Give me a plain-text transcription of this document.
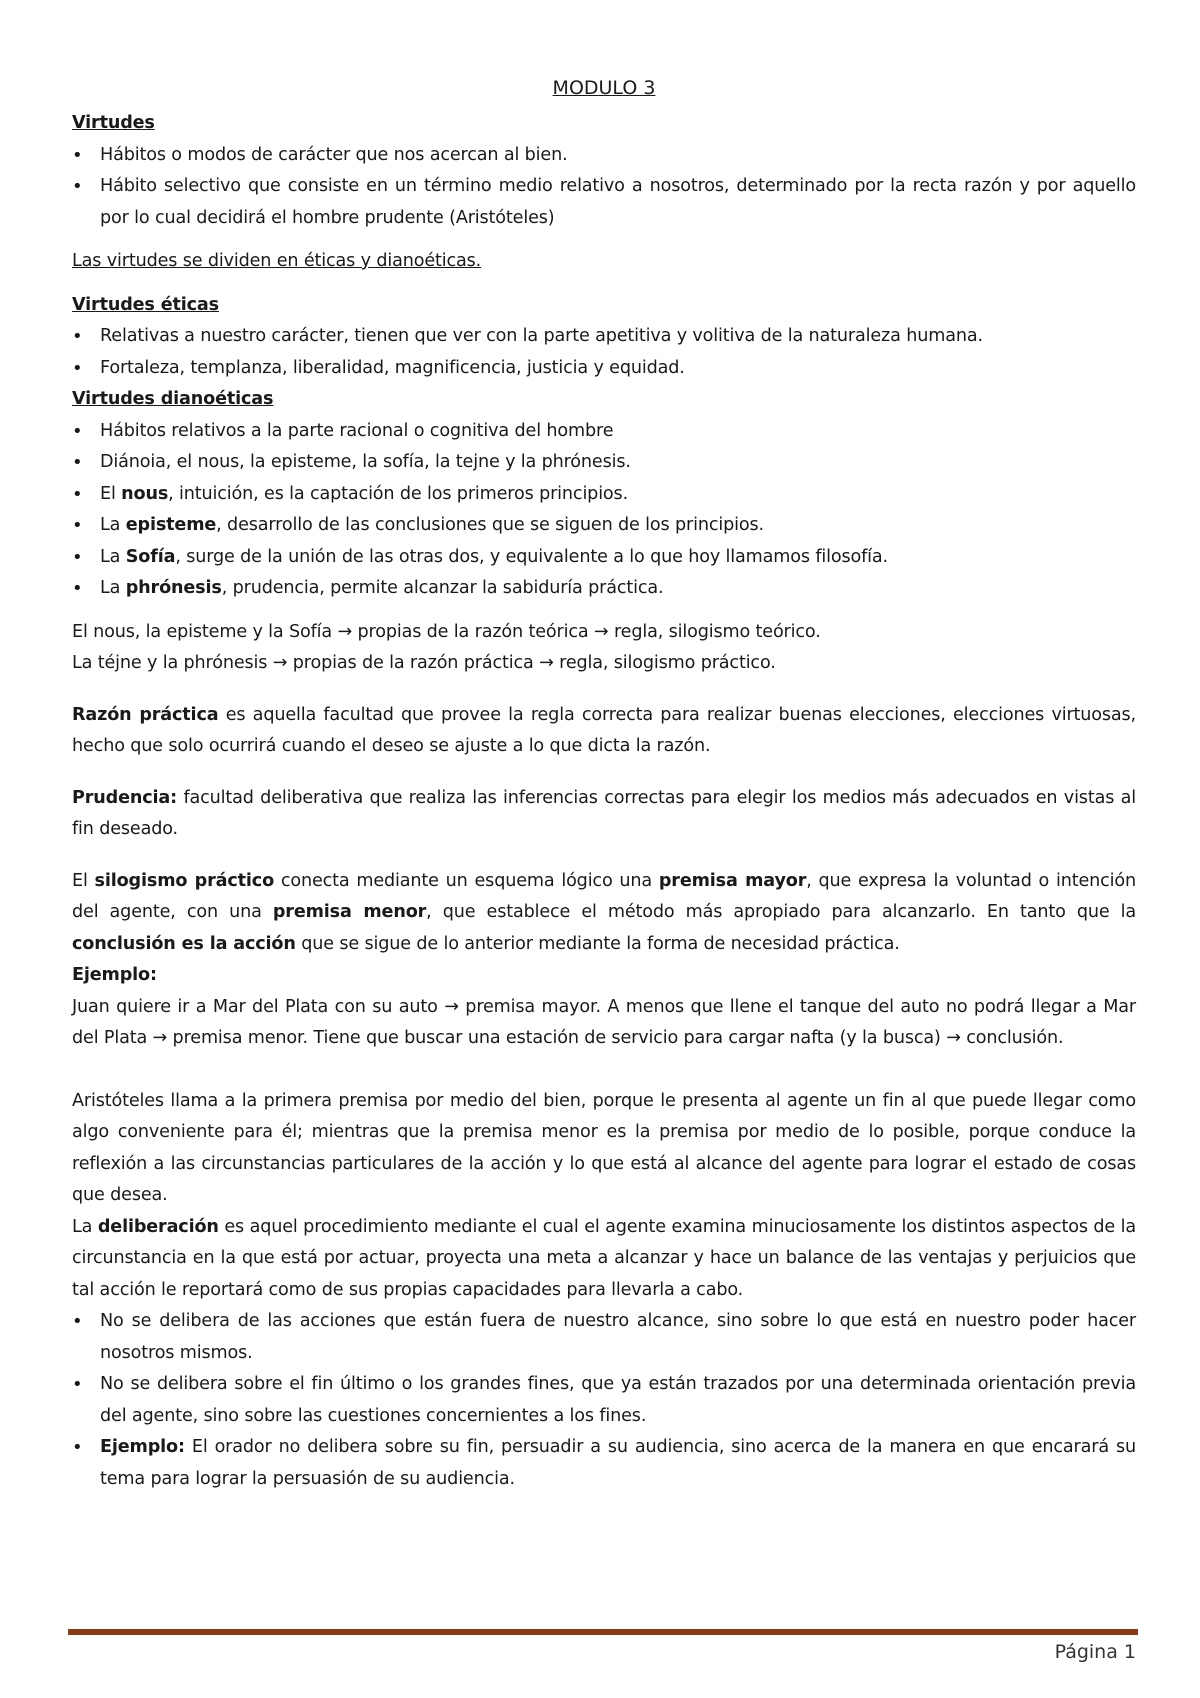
MODULO 3
Virtudes
• Hábitos o modos de carácter que nos acercan al bien.
• Hábito selectivo que consiste en un término medio relativo a nosotros, determinado por la recta razón y por aquello por lo cual decidirá el hombre prudente (Aristóteles)
Las virtudes se dividen en éticas y dianoéticas.
Virtudes éticas
• Relativas a nuestro carácter, tienen que ver con la parte apetitiva y volitiva de la naturaleza humana.
• Fortaleza, templanza, liberalidad, magnificencia, justicia y equidad.
Virtudes dianoéticas
• Hábitos relativos a la parte racional o cognitiva del hombre
• Diánoia, el nous, la episteme, la sofía, la tejne y la phrónesis.
• El nous, intuición, es la captación de los primeros principios.
• La episteme, desarrollo de las conclusiones que se siguen de los principios.
• La Sofía, surge de la unión de las otras dos, y equivalente a lo que hoy llamamos filosofía.
• La phrónesis, prudencia, permite alcanzar la sabiduría práctica.

El nous, la episteme y la Sofía → propias de la razón teórica → regla, silogismo teórico.

La téjne y la phrónesis → propias de la razón práctica → regla, silogismo práctico.

Razón práctica es aquella facultad que provee la regla correcta para realizar buenas elecciones, elecciones virtuosas, hecho que solo ocurrirá cuando el deseo se ajuste a lo que dicta la razón.

Prudencia: facultad deliberativa que realiza las inferencias correctas para elegir los medios más adecuados en vistas al fin deseado.

El silogismo práctico conecta mediante un esquema lógico una premisa mayor, que expresa la voluntad o intención del agente, con una premisa menor, que establece el método más apropiado para alcanzarlo. En tanto que la conclusión es la acción que se sigue de lo anterior mediante la forma de necesidad práctica.

Ejemplo:

Juan quiere ir a Mar del Plata con su auto → premisa mayor. A menos que llene el tanque del auto no podrá llegar a Mar del Plata → premisa menor. Tiene que buscar una estación de servicio para cargar nafta (y la busca) → conclusión.

Aristóteles llama a la primera premisa por medio del bien, porque le presenta al agente un fin al que puede llegar como algo conveniente para él; mientras que la premisa menor es la premisa por medio de lo posible, porque conduce la reflexión a las circunstancias particulares de la acción y lo que está al alcance del agente para lograr el estado de cosas que desea.

La deliberación es aquel procedimiento mediante el cual el agente examina minuciosamente los distintos aspectos de la circunstancia en la que está por actuar, proyecta una meta a alcanzar y hace un balance de las ventajas y perjuicios que tal acción le reportará como de sus propias capacidades para llevarla a cabo.

• No se delibera de las acciones que están fuera de nuestro alcance, sino sobre lo que está en nuestro poder hacer nosotros mismos.
• No se delibera sobre el fin último o los grandes fines, que ya están trazados por una determinada orientación previa del agente, sino sobre las cuestiones concernientes a los fines.
• Ejemplo: El orador no delibera sobre su fin, persuadir a su audiencia, sino acerca de la manera en que encarará su tema para lograr la persuasión de su audiencia.
Página 1
